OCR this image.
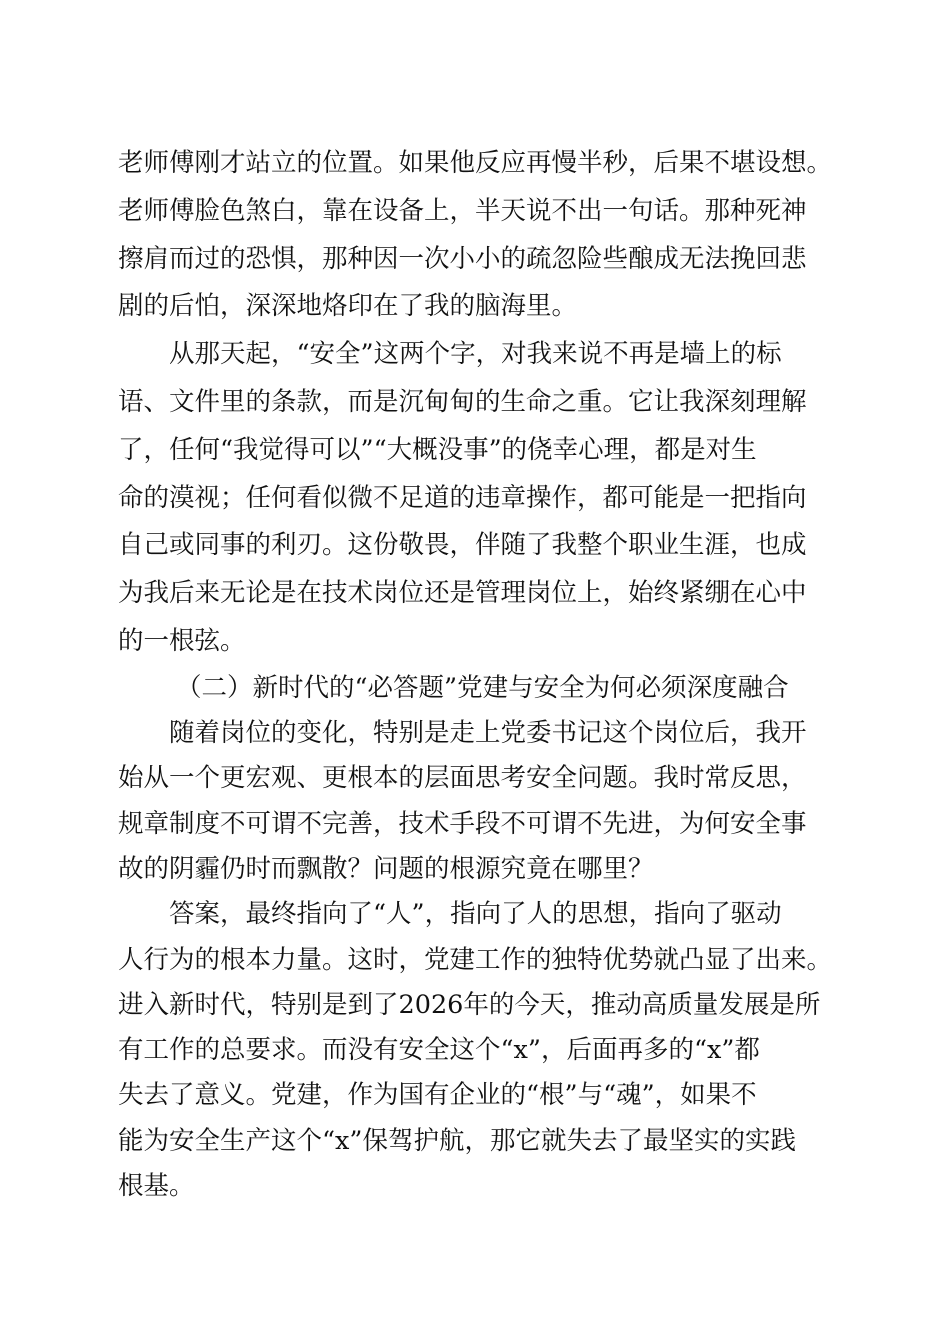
老师傅刚才站立的位置。如果他反应再慢半秒，后果不堪设想。
老师傅脸色煞白，靠在设备上，半天说不出一句话。那种死神
擦肩而过的恐惧，那种因一次小小的疏忽险些酿成无法挽回悲
剧的后怕，深深地烙印在了我的脑海里。
从那天起，“安全”这两个字，对我来说不再是墙上的标
语、文件里的条款，而是沉甸甸的生命之重。它让我深刻理解
了，任何“我觉得可以”“大概没事”的侥幸心理，都是对生
命的漠视；任何看似微不足道的违章操作，都可能是一把指向
自己或同事的利刃。这份敬畏，伴随了我整个职业生涯，也成
为我后来无论是在技术岗位还是管理岗位上，始终紧绷在心中
的一根弦。
（二）新时代的“必答题”党建与安全为何必须深度融合
随着岗位的变化，特别是走上党委书记这个岗位后，我开
始从一个更宏观、更根本的层面思考安全问题。我时常反思，
规章制度不可谓不完善，技术手段不可谓不先进，为何安全事
故的阴霾仍时而飘散？问题的根源究竟在哪里？
答案，最终指向了“人”，指向了人的思想，指向了驱动
人行为的根本力量。这时，党建工作的独特优势就凸显了出来。
进入新时代，特别是到了2026年的今天，推动高质量发展是所
有工作的总要求。而没有安全这个“x”，后面再多的“x”都
失去了意义。党建，作为国有企业的“根”与“魂”，如果不
能为安全生产这个“x”保驾护航，那它就失去了最坚实的实践
根基。
